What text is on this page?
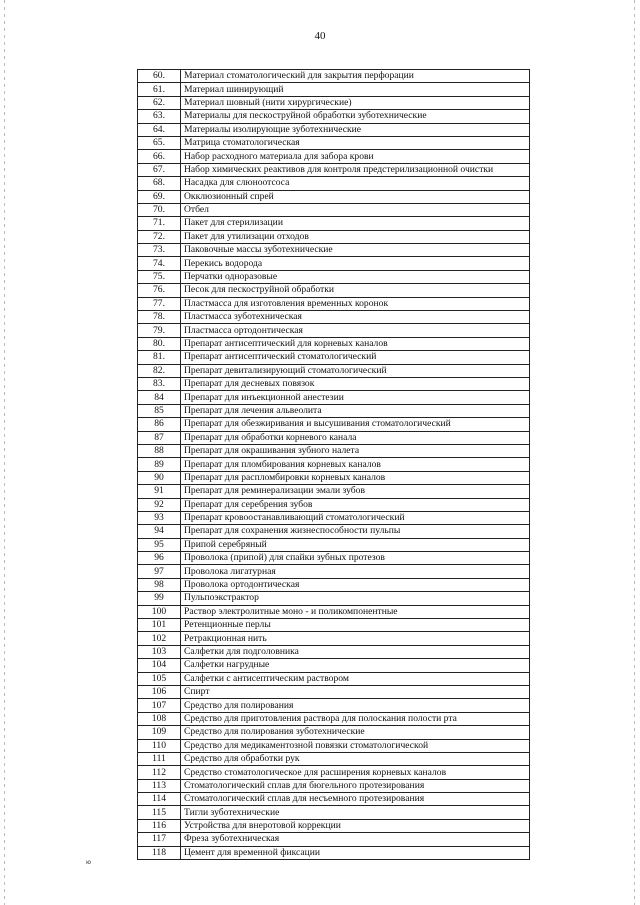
40
60.	Материал стоматологический для закрытия перфорации
61.	Материал шинирующий
62.	Материал шовный (нити хирургические)
63.	Материалы для пескоструйной обработки зуботехнические
64.	Материалы изолирующие зуботехнические
65.	Матрица стоматологическая
66.	Набор расходного материала для забора крови
67.	Набор химических реактивов для контроля предстерилизационной очистки
68.	Насадка для слюноотсоса
69.	Окклюзионный спрей
70.	Отбел
71.	Пакет для стерилизации
72.	Пакет для утилизации отходов
73.	Паковочные массы зуботехнические
74.	Перекись водорода
75.	Перчатки одноразовые
76.	Песок для пескоструйной обработки
77.	Пластмасса для изготовления временных коронок
78.	Пластмасса зуботехническая
79.	Пластмасса ортодонтическая
80.	Препарат антисептический для корневых каналов
81.	Препарат антисептический стоматологический
82.	Препарат девитализирующий стоматологический
83.	Препарат для десневых повязок
84	Препарат для инъекционной анестезии
85	Препарат для лечения альвеолита
86	Препарат для обезжиривания и высушивания стоматологический
87	Препарат для обработки корневого канала
88	Препарат для окрашивания зубного налета
89	Препарат для пломбирования корневых каналов
90	Препарат для распломбировки корневых каналов
91	Препарат для реминерализации эмали зубов
92	Препарат для серебрения зубов
93	Препарат кровоостанавливающий стоматологический
94	Препарат для сохранения жизнеспособности пульпы
95	Припой серебряный
96	Проволока (припой) для спайки зубных протезов
97	Проволока лигатурная
98	Проволока ортодонтическая
99	Пульпоэкстрактор
100	Раствор электролитные моно - и поликомпонентные
101	Ретенционные перлы
102	Ретракционная нить
103	Салфетки для подголовника
104	Салфетки нагрудные
105	Салфетки с антисептическим раствором
106	Спирт
107	Средство для полирования
108	Средство для приготовления раствора для полоскания полости рта
109	Средство для полирования зуботехнические
110	Средство для медикаментозной повязки стоматологической
111	Средство для обработки рук
112	Средство стоматологическое для расширения корневых каналов
113	Стоматологический сплав для бюгельного протезирования
114	Стоматологический сплав для несъемного протезирования
115	Тигли зуботехнические
116	Устройства для внеротовой коррекции
117	Фреза зуботехническая
118	Цемент для временной фиксации
ю
